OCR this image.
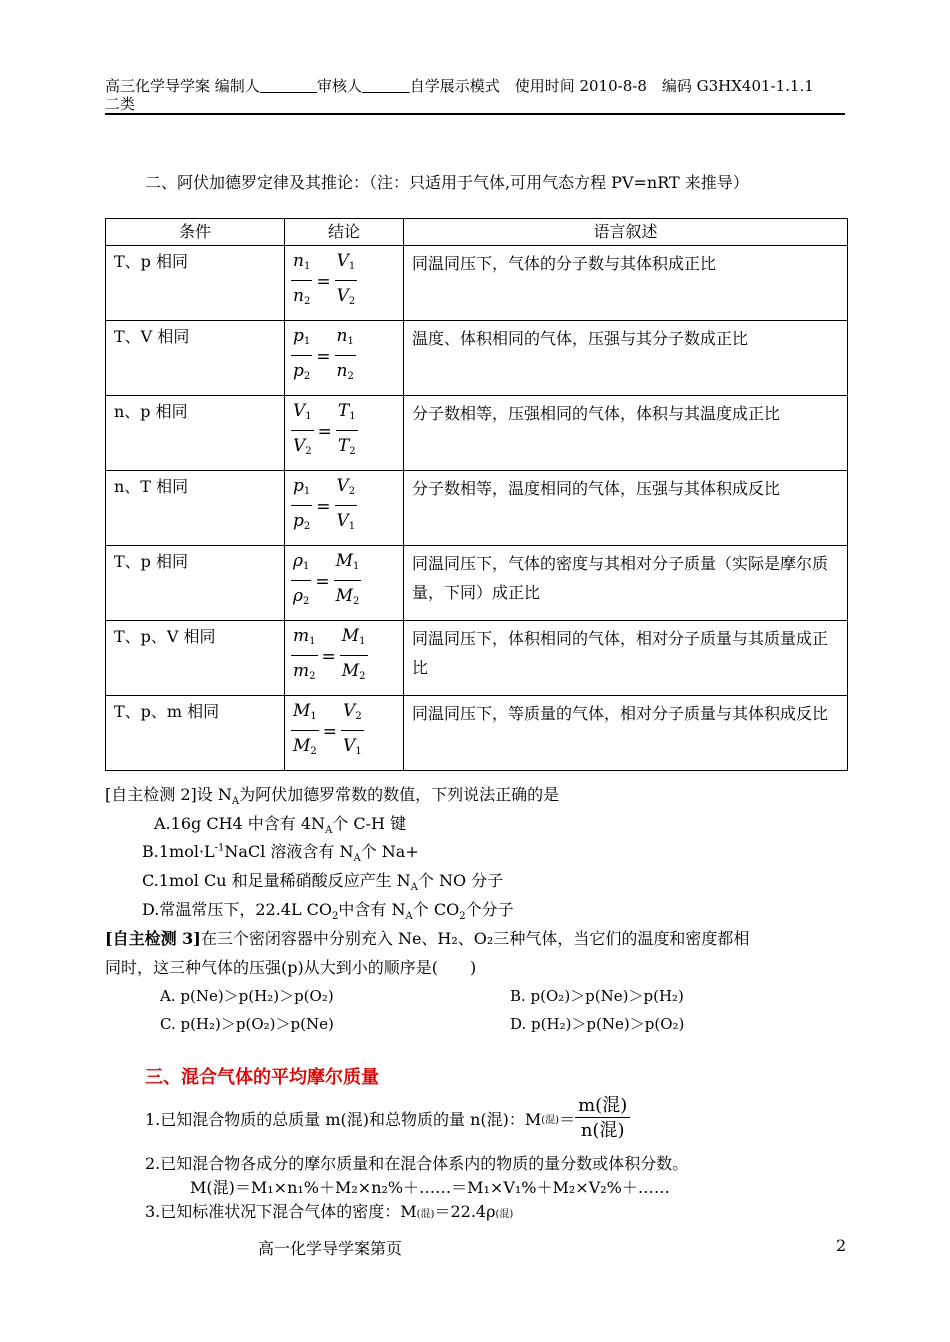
高三化学导学案 编制人	审核人	自学展示模式　使用时间 2010-8-8　编码 G3HX401-1.1.1
二类
二、阿伏加德罗定律及其推论：（注：只适用于气体,可用气态方程 PV=nRT 来推导）
条件	结论	语言叙述
T、p 相同	$\frac{n_1}{n_2} = \frac{V_1}{V_2}$	同温同压下，气体的分子数与其体积成正比
T、V 相同	$\frac{p_1}{p_2} = \frac{n_1}{n_2}$	温度、体积相同的气体，压强与其分子数成正比
n、p 相同	$\frac{V_1}{V_2} = \frac{T_1}{T_2}$	分子数相等，压强相同的气体，体积与其温度成正比
n、T 相同	$\frac{p_1}{p_2} = \frac{V_2}{V_1}$	分子数相等，温度相同的气体，压强与其体积成反比
T、p 相同	$\frac{\rho_1}{\rho_2} = \frac{M_1}{M_2}$	同温同压下，气体的密度与其相对分子质量（实际是摩尔质量，下同）成正比
T、p、V 相同	$\frac{m_1}{m_2} = \frac{M_1}{M_2}$	同温同压下，体积相同的气体，相对分子质量与其质量成正比
T、p、m 相同	$\frac{M_1}{M_2} = \frac{V_2}{V_1}$	同温同压下，等质量的气体，相对分子质量与其体积成反比
[自主检测 2]设 $N_A$为阿伏加德罗常数的数值，下列说法正确的是
A.16g CH4 中含有 $4N_A$个 C-H 键
$B.1mol\cdot L^{-1}NaCl$ 溶液含有 $N_A$个 Na+
C.1mol Cu 和足量稀硝酸反应产生 $N_A$个 NO 分子
D.常温常压下，22.4L $CO_2$中含有 $N_A$个 $CO_2$个分子
[自主检测 3]在三个密闭容器中分别充入 Ne、H₂、O₂三种气体，当它们的温度和密度都相
同时，这三种气体的压强(p)从大到小的顺序是(　　)
A. p(Ne)＞p(H₂)＞p(O₂)	B. p(O₂)＞p(Ne)＞p(H₂)
C. p(H₂)＞p(O₂)＞p(Ne)	D. p(H₂)＞p(Ne)＞p(O₂)
三、混合气体的平均摩尔质量
1.已知混合物质的总质量 m(混)和总物质的量 n(混)：M (混) ＝ $\frac{\text{m(混)}}{\text{n(混)}}$
2.已知混合物各成分的摩尔质量和在混合体系内的物质的量分数或体积分数。
M(混)＝M₁×n₁%＋M₂×n₂%＋……＝M₁×V₁%＋M₂×V₂%＋……
3.已知标准状况下混合气体的密度：M(混)＝22.4ρ(混)
高一化学导学案第页	2
